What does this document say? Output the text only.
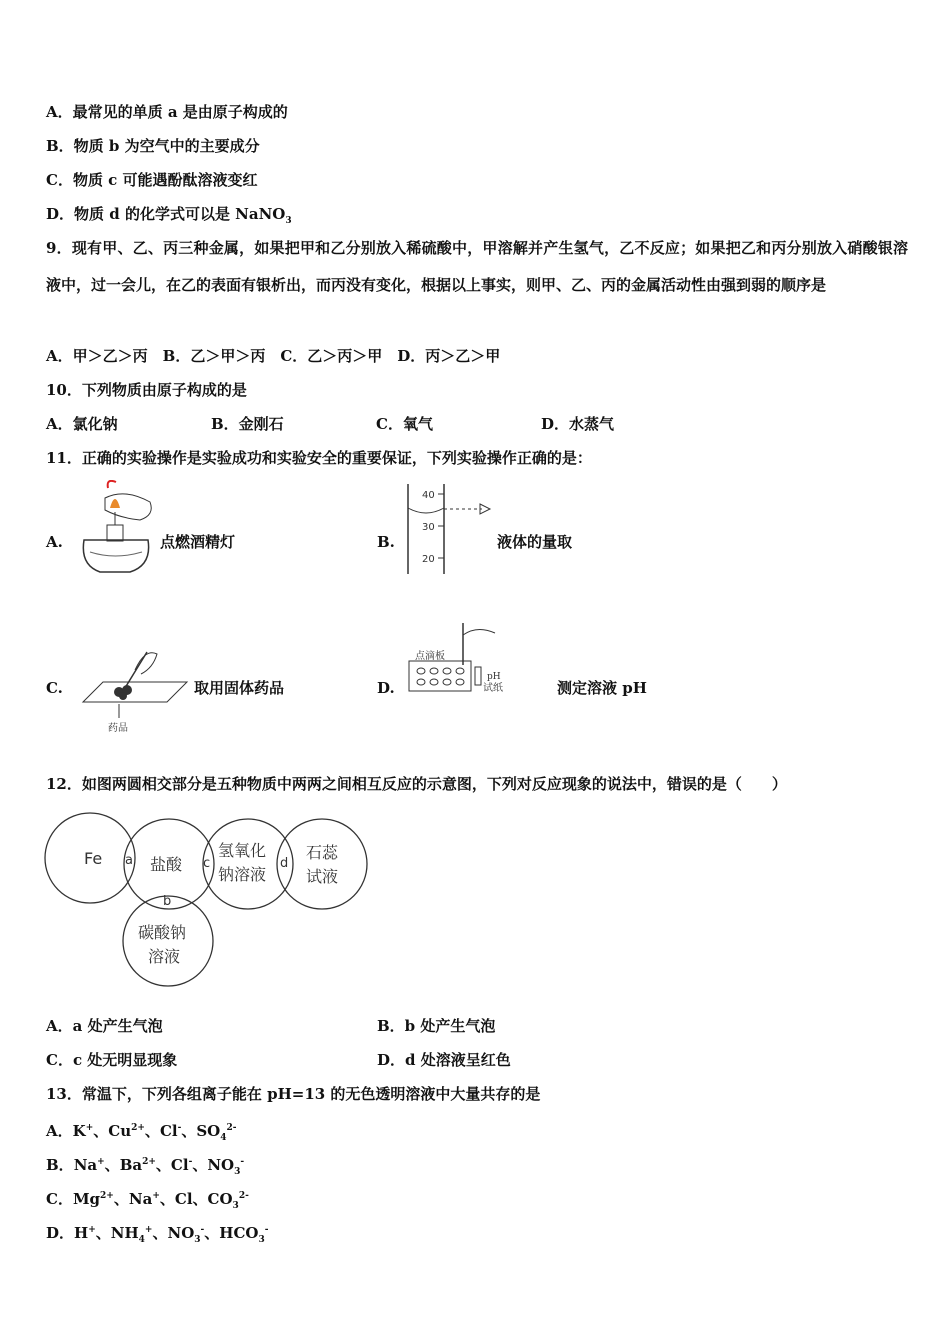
A．最常见的单质 a 是由原子构成的
B．物质 b 为空气中的主要成分
C．物质 c 可能遇酚酞溶液变红
D．物质 d 的化学式可以是 NaNO$_3$
9．现有甲、乙、丙三种金属，如果把甲和乙分别放入稀硫酸中，甲溶解并产生氢气，乙不反应；如果把乙和丙分别放入硝酸银溶液中，过一会儿，在乙的表面有银析出，而丙没有变化，根据以上事实，则甲、乙、丙的金属活动性由强到弱的顺序是
A．甲＞乙＞丙　B．乙＞甲＞丙　C．乙＞丙＞甲　D．丙＞乙＞甲
10．下列物质由原子构成的是
A．氯化钠	B．金刚石	C．氧气	D．水蒸气
11．正确的实验操作是实验成功和实验安全的重要保证，下列实验操作正确的是：
A.	点燃酒精灯	B.
40
30
20
液体的量取
C.
药品
取用固体药品	D.
点滴板
pH
试纸	测定溶液 pH
12．如图两圆相交部分是五种物质中两两之间相互反应的示意图，下列对反应现象的说法中，错误的是（　　）
Fe	盐酸
氢氧化
钠溶液
石蕊
试液
碳酸钠
溶液
a
b
c	d
A．a 处产生气泡	B．b 处产生气泡
C．c 处无明显现象	D．d 处溶液呈红色
13．常温下，下列各组离子能在 pH=13 的无色透明溶液中大量共存的是
A．K+、$Cu^{2+}$、Cl-、$SO_4^{2-}$
B．Na+、$Ba^{2+}$、Cl-、$NO_3^-$
C．$Mg^{2+}$、Na+、Cl、$CO_3^{2-}$
D．H+、$NH_4^+$、$NO_3^-$、$HCO_3^-$
